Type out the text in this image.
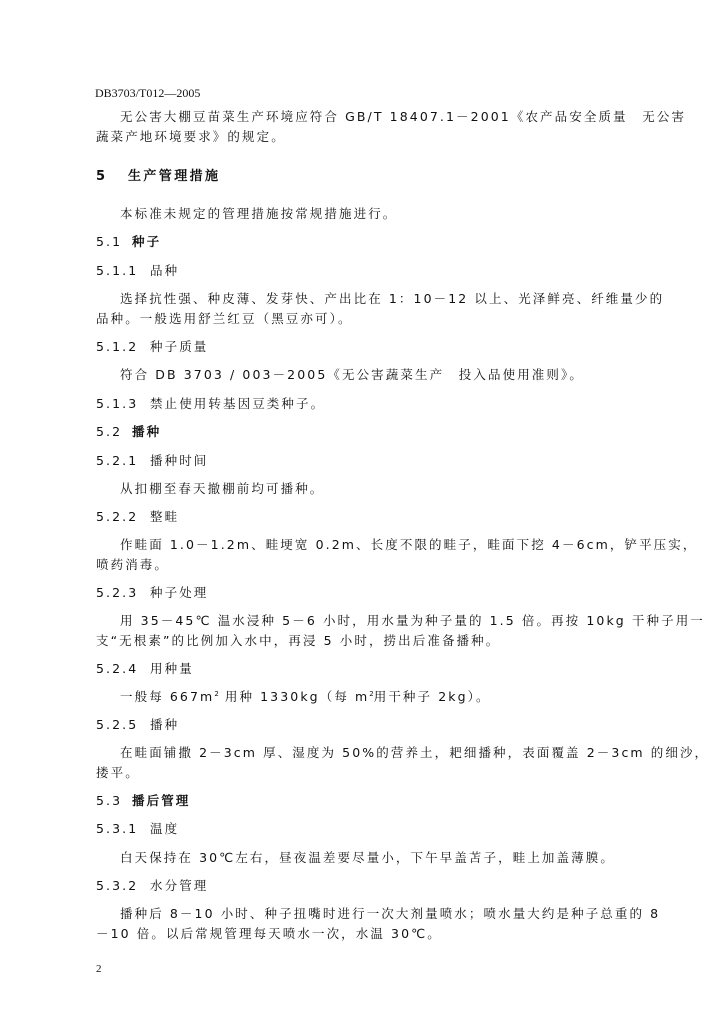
DB3703/T012—2005
无公害大棚豆苗菜生产环境应符合 GB/T 18407.1－2001《农产品安全质量　无公害
蔬菜产地环境要求》的规定。
5 生产管理措施
本标准未规定的管理措施按常规措施进行。
5.1 种子
5.1.1 品种
选择抗性强、种皮薄、发芽快、产出比在 1：10－12 以上、光泽鲜亮、纤维量少的
品种。一般选用舒兰红豆（黑豆亦可）。
5.1.2 种子质量
符合 DB 3703 / 003－2005《无公害蔬菜生产　投入品使用准则》。
5.1.3 禁止使用转基因豆类种子。
5.2 播种
5.2.1 播种时间
从扣棚至春天撤棚前均可播种。
5.2.2 整畦
作畦面 1.0－1.2m、畦埂宽 0.2m、长度不限的畦子，畦面下挖 4－6cm，铲平压实，
喷药消毒。
5.2.3 种子处理
用 35－45℃ 温水浸种 5－6 小时，用水量为种子量的 1.5 倍。再按 10kg 干种子用一
支“无根素”的比例加入水中，再浸 5 小时，捞出后准备播种。
5.2.4 用种量
一般每 $667m^2$ 用种 1330kg（每 $m^2$用干种子 2kg）。
5.2.5 播种
在畦面铺撒 2－3cm 厚、湿度为 50%的营养土，耙细播种，表面覆盖 2－3cm 的细沙，
搂平。
5.3 播后管理
5.3.1 温度
白天保持在 30℃左右，昼夜温差要尽量小，下午早盖苫子，畦上加盖薄膜。
5.3.2 水分管理
播种后 8－10 小时、种子扭嘴时进行一次大剂量喷水；喷水量大约是种子总重的 8
－10 倍。以后常规管理每天喷水一次，水温 30℃。
2
